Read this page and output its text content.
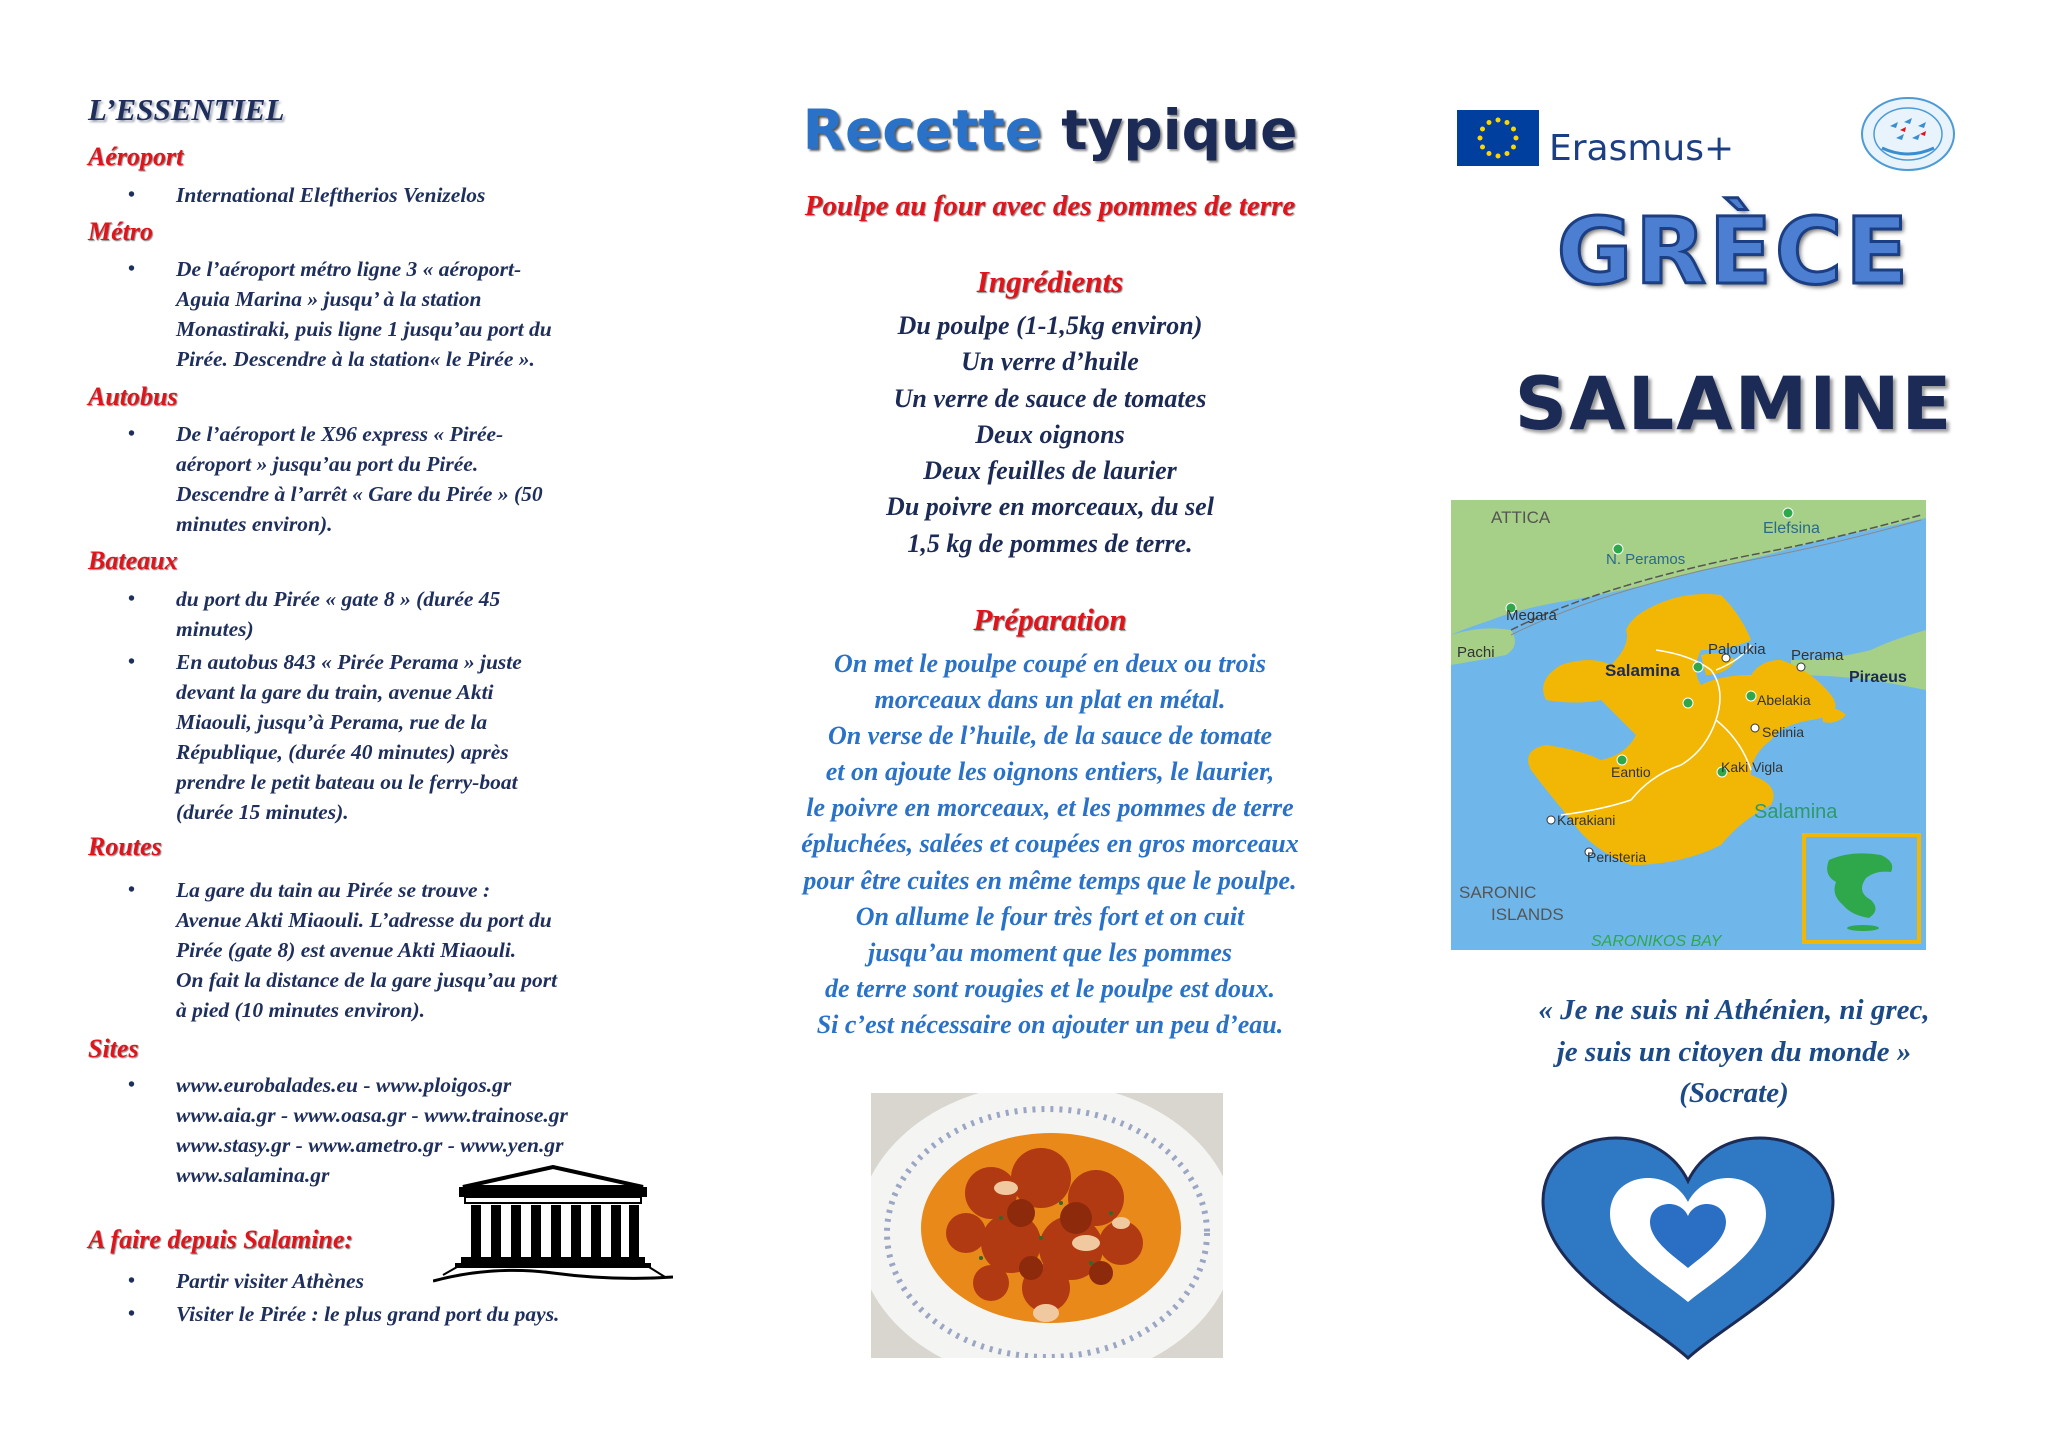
L’ESSENTIEL
Aéroport
• International Eleftherios Venizelos
Métro
• De l’aéroport métro ligne 3 « aéroport-
Aguia Marina » jusqu’ à la station
Monastiraki, puis ligne 1 jusqu’au port du
Pirée. Descendre à la station« le Pirée ».
Autobus
• De l’aéroport le X96 express « Pirée-
aéroport » jusqu’au port du Pirée.
Descendre à l’arrêt « Gare du Pirée » (50
minutes environ).
Bateaux
• du port du Pirée « gate 8 » (durée 45
minutes)
• En autobus 843 « Pirée Perama » juste
devant la gare du train, avenue Akti
Miaouli, jusqu’à Perama, rue de la
République, (durée 40 minutes) après
prendre le petit bateau ou le ferry-boat
(durée 15 minutes).
Routes
• La gare du tain au Pirée se trouve :
Avenue Akti Miaouli. L’adresse du port du
Pirée (gate 8) est avenue Akti Miaouli.
On fait la distance de la gare jusqu’au port
à pied (10 minutes environ).
Sites
• www.eurobalades.eu - www.ploigos.gr
www.aia.gr - www.oasa.gr - www.trainose.gr
www.stasy.gr - www.ametro.gr - www.yen.gr
www.salamina.gr
A faire depuis Salamine:
• Partir visiter Athènes
• Visiter le Pirée : le plus grand port du pays.
Recette typique
Poulpe au four avec des pommes de terre
Ingrédients
Du poulpe (1-1,5kg environ)
Un verre d’huile
Un verre de sauce de tomates
Deux oignons
Deux feuilles de laurier
Du poivre en morceaux, du sel
1,5 kg de pommes de terre.
Préparation
On met le poulpe coupé en deux ou trois
morceaux dans un plat en métal.
On verse de l’huile, de la sauce de tomate
et on ajoute les oignons entiers, le laurier,
le poivre en morceaux, et les pommes de terre
épluchées, salées et coupées en gros morceaux
pour être cuites en même temps que le poulpe.
On allume le four très fort et on cuit
jusqu’au moment que les pommes
de terre sont rougies et le poulpe est doux.
Si c’est nécessaire on ajouter un peu d’eau.

Erasmus+

GRÈCE
SALAMINE
ATTICA
Elefsina
N. Peramos
Megara
Pachi	Paloukia Perama
Piraeus
Salamina
Abelakia
Selinia
Eantio	Kaki Vigla
Karakiani	Salamina
Peristeria
SARONIC
ISLANDS
SARONIKOS BAY
« Je ne suis ni Athénien, ni grec,
je suis un citoyen du monde »
(Socrate)
